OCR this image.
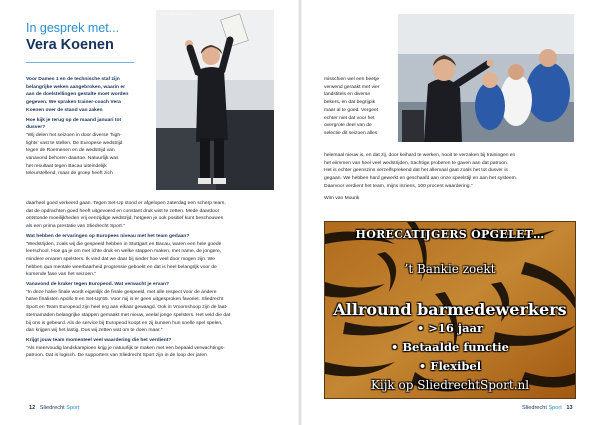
In gesprek met...
Vera Koenen
Foto: Wim van Mourik

Voor Dames 1 en de technische staf zijn

belangrijke weken aangebroken, waarin er

aan de doelstellingen gestalte moet worden

gegeven. We spraken trainer-coach Vera

Koenen over de stand van zaken

Hoe kijk je terug op de maand januari tot

dusver?

“Wij delen het seizoen in door diverse ‘high-

lights’ vast te stellen. De Europese wedstrijd

tegen de Roemenen en de wedstrijd van

vanavond behoren daartoe. Natuurlijk was

het resultaat tegen Bacau uiteindelijk

teleurstellend, maar de groep heeft zich

daarheel goed verkeerd gaan. Tegen Set-Up stond er afgelopen zaterdag een scherp team,

dat de opdrachten goed heeft uitgevoerd en constant druk wist te zetten. Mede daardoor

ontstonde moeilijkheden vrij eenzijdige wedstrijd, hetgeen je ook positief kunt beschouwen

als een prima prestatie van Sliedrecht Sport.”

Wat hebben de ervaringen op Europees niveau met het team gedaan?

“Wedstrijden, zoals wij die gespeeld hebben in Stuttgart en Bacau, waren een hele goede

leerschool. Hoe ga je om met ichte druk en welke stappen maken, met name, de jongere,

mindere ervaren spelsters. Ik vind dat we daar bij sinder hoe veel door mogen zijn. We

hebben qua mentale weerbaarheid progressie geboekt en dat is heel belangrijk voor de

komende fase van het seizoen.”

Vanavond de kraker tegen Europeod. Wat verwacht je ervan?

“In deze halve finale wordt eigenlijk de finale gespeeld, met alle respect voor de andere

halve finalisten Apollo 8 en Set-Up’65. Voor mij is er geen uitgesproken favoriet. Sliedrecht

Sport en Team Europeod zijn heel erg aan elkaar gewaagd. Ook in Vroomshoop zijn de laat-

sternamaden belangrijke stappen gemaakt met nieuw, veelal jonge spelsters. Het veld die dat

bij ons is gebeurd. Als de service bij Europeod koopt en zij kunnen hun snelle spel spelen,

dan krijgen wij het lastig. Dus wij zetten wat om te doen maar.”

Krijgt jouw team momenteel veel waardering die het verdient?

“Als meervoudig landskampioen krijg je natuurlijk te maken met een bepaald verwachtings-

patroon. Dat is logisch. De supporters van Sliedrecht Sport zijn in de loop der jaren

12 Sliedrecht Sport

misschien wel een beetje

verwend geraakt met vier

landstitels en diverse

bekers, en dat begrijpik

maar al te goed. Vergeet

echter niet dat voor het

overgrote deel van de

selectie dit seizoen alles

helemaal nieuw is, en dat zij, door keihard te werken, nooit te verzaken bij trainingen en

het eiimmen van heel veel wedstrijden, trachtige proberen te gaven aan dat patroon.

Het is echter geenszins verzelfsprekend dat het allemaal gaat zoals het tot dusver is

gegaan. We hebben hard gewerkt en geschaafd aan onze speelstijl en aan het systeem.

Daarvoor verdient het team, mijns inziens, 100 procent waardering.”

Wim van Mourik

HORECATIJGERS OPGELET…
’t Bankie zoekt
Allround barmedewerkers
• >16 jaar
• Betaalde functie
• Flexibel
Kijk op SliedrechtSport.nl
Sliedrecht Sport 13
